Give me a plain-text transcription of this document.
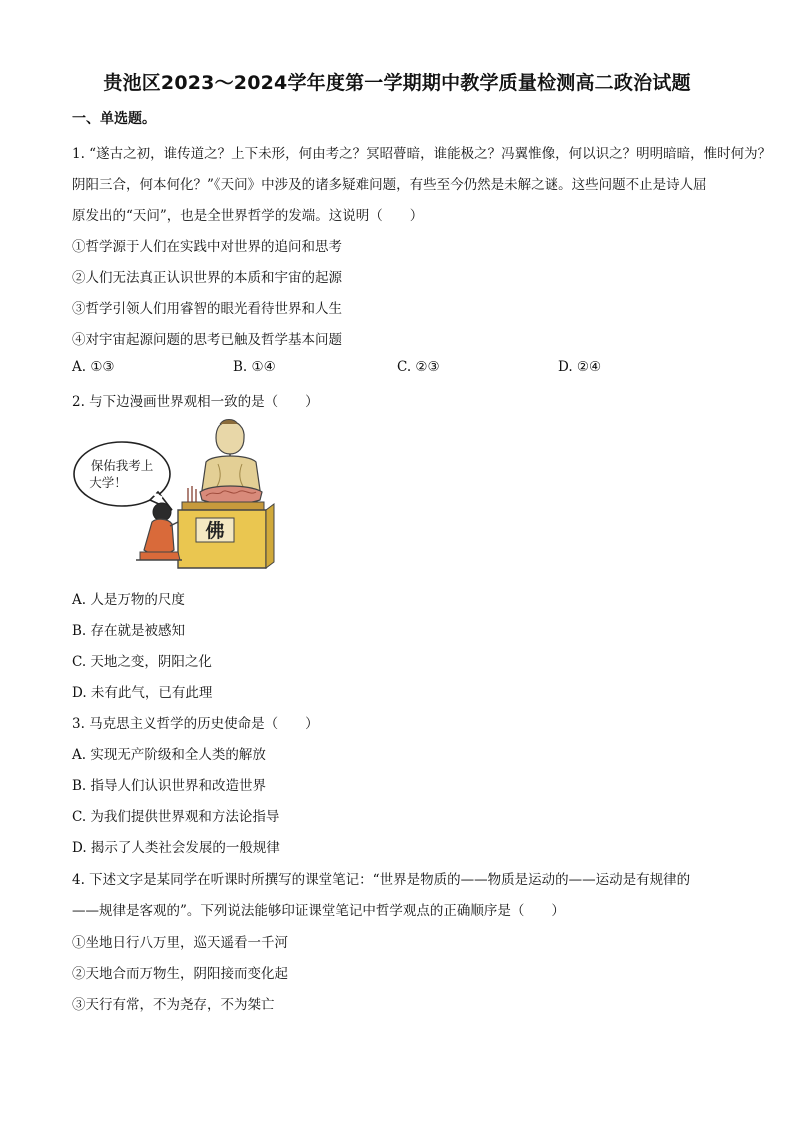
贵池区2023～2024学年度第一学期期中教学质量检测高二政治试题
一、单选题。
1. “遂古之初，谁传道之？上下未形，何由考之？冥昭瞢暗，谁能极之？冯翼惟像，何以识之？明明暗暗，惟时何为？
阴阳三合，何本何化？”《天问》中涉及的诸多疑难问题，有些至今仍然是未解之谜。这些问题不止是诗人屈
原发出的“天问”，也是全世界哲学的发端。这说明（　　）
①哲学源于人们在实践中对世界的追问和思考
②人们无法真正认识世界的本质和宇宙的起源
③哲学引领人们用睿智的眼光看待世界和人生
④对宇宙起源问题的思考已触及哲学基本问题
A. ①③	B. ①④	C. ②③	D. ②④
2. 与下边漫画世界观相一致的是（　　）
保佑我考上
大学！
佛
A. 人是万物的尺度
B. 存在就是被感知
C. 天地之变，阴阳之化
D. 未有此气，已有此理
3. 马克思主义哲学的历史使命是（　　）
A. 实现无产阶级和全人类的解放
B. 指导人们认识世界和改造世界
C. 为我们提供世界观和方法论指导
D. 揭示了人类社会发展的一般规律
4. 下述文字是某同学在听课时所撰写的课堂笔记：“世界是物质的——物质是运动的——运动是有规律的
——规律是客观的”。下列说法能够印证课堂笔记中哲学观点的正确顺序是（　　）
①坐地日行八万里，巡天遥看一千河
②天地合而万物生，阴阳接而变化起
③天行有常，不为尧存，不为桀亡
